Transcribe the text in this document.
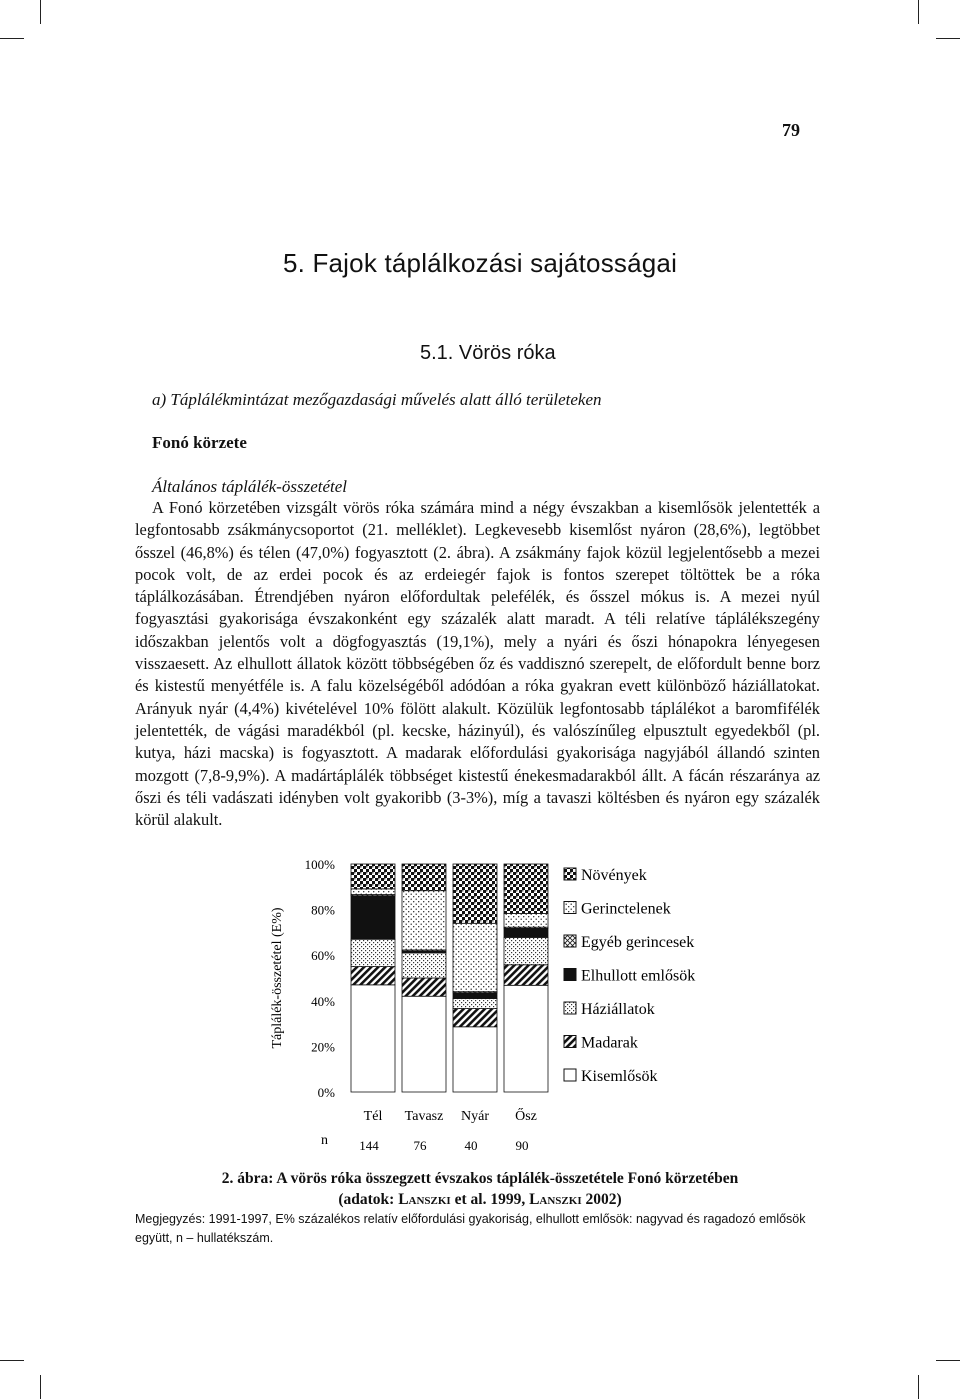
79
5. Fajok táplálkozási sajátosságai
5.1. Vörös róka
a) Táplálékmintázat mezőgazdasági művelés alatt álló területeken
Fonó körzete
Általános táplálék-összetétel

A Fonó körzetében vizsgált vörös róka számára mind a négy évszakban a kisemlősök jelentették a legfontosabb zsákmánycsoportot (21. melléklet). Legkevesebb kisemlőst nyáron (28,6%), legtöbbet ősszel (46,8%) és télen (47,0%) fogyasztott (2. ábra). A zsákmány fajok közül legjelentősebb a mezei pocok volt, de az erdei pocok és az erdeiegér fajok is fontos szerepet töltöttek be a róka táplálkozásában. Étrendjében nyáron előfordultak pelefélék, és ősszel mókus is. A mezei nyúl fogyasztási gyakorisága évszakonként egy százalék alatt maradt. A téli relatíve táplálékszegény időszakban jelentős volt a dögfogyasztás (19,1%), mely a nyári és őszi hónapokra lényegesen visszaesett. Az elhullott állatok között többségében őz és vaddisznó szerepelt, de előfordult benne borz és kistestű menyétféle is. A falu közelségéből adódóan a róka gyakran evett különböző háziállatokat. Arányuk nyár (4,4%) kivételével 10% fölött alakult. Közülük legfontosabb táplálékot a baromfifélék jelentették, de vágási maradékból (pl. kecske, házinyúl), és valószínűleg elpusztult egyedekből (pl. kutya, házi macska) is fogyasztott. A madarak előfordulási gyakorisága nagyjából állandó szinten mozgott (7,8-9,9%). A madártáplálék többséget kistestű énekesmadarakból állt. A fácán részaránya az őszi és téli vadászati idényben volt gyakoribb (3-3%), míg a tavaszi költésben és nyáron egy százalék körül alakult.

Táplálék-összetétel (E%)
100%
80%
60%
40%
20%
0%
Tél Tavasz Nyár Ősz
n 144	76	40	90
Növények
Gerinctelenek
Egyéb gerincesek
Elhullott emlősök
Háziállatok
Madarak
Kisemlősök
2. ábra: A vörös róka összegzett évszakos táplálék-összetétele Fonó körzetében
(adatok: Lanszki et al. 1999, Lanszki 2002)
Megjegyzés: 1991-1997, E% százalékos relatív előfordulási gyakoriság, elhullott emlősök: nagyvad és ragadozó emlősök együtt, n – hullatékszám.
